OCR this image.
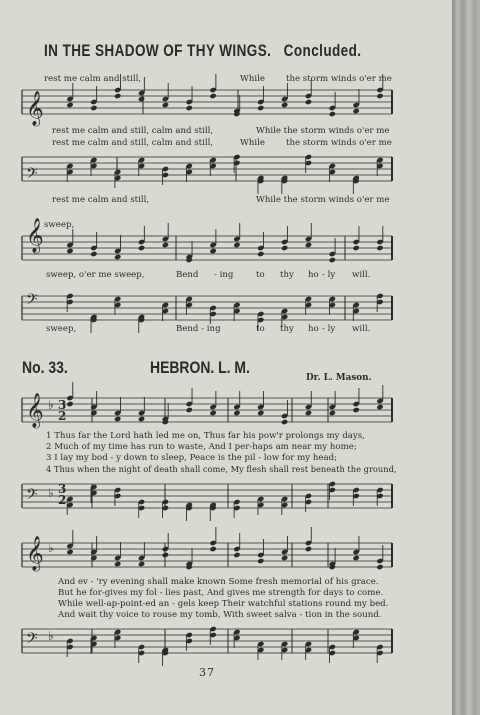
IN THE SHADOW OF THY WINGS. Concluded.
𝄞
𝄞
𝄞
𝄞
𝄢
𝄢
𝄢
𝄢
♭
♭
♭
♭
3
2
3
2
rest me calm and still,	While the storm winds o'er me
rest me calm and still, calm and still,	While the storm winds o'er me
rest me calm and still, calm and still,	While the storm winds o'er me
rest me calm and still,	While the storm winds o'er me
sweep,
sweep, o'er me sweep,	Bend - ing	to thy ho - ly will.
sweep,	Bend - ing	to thy ho - ly will.
No. 33.	HEBRON. L. M.
Dr. L. Mason.
1 Thus far the Lord hath led me on, Thus far his pow'r prolongs my days,
2 Much of my time has run to waste, And I per-haps am near my home;
3 I lay my bod - y down to sleep, Peace is the pil - low for my head;
4 Thus when the night of death shall come, My flesh shall rest beneath the ground,
And ev - 'ry evening shall make known Some fresh memorial of his grace.
But he for-gives my fol - lies past, And gives me strength for days to come.
While well-ap-point-ed an - gels keep Their watchful stations round my bed.
And wait thy voice to rouse my tomb, With sweet salva - tion in the sound.
37
